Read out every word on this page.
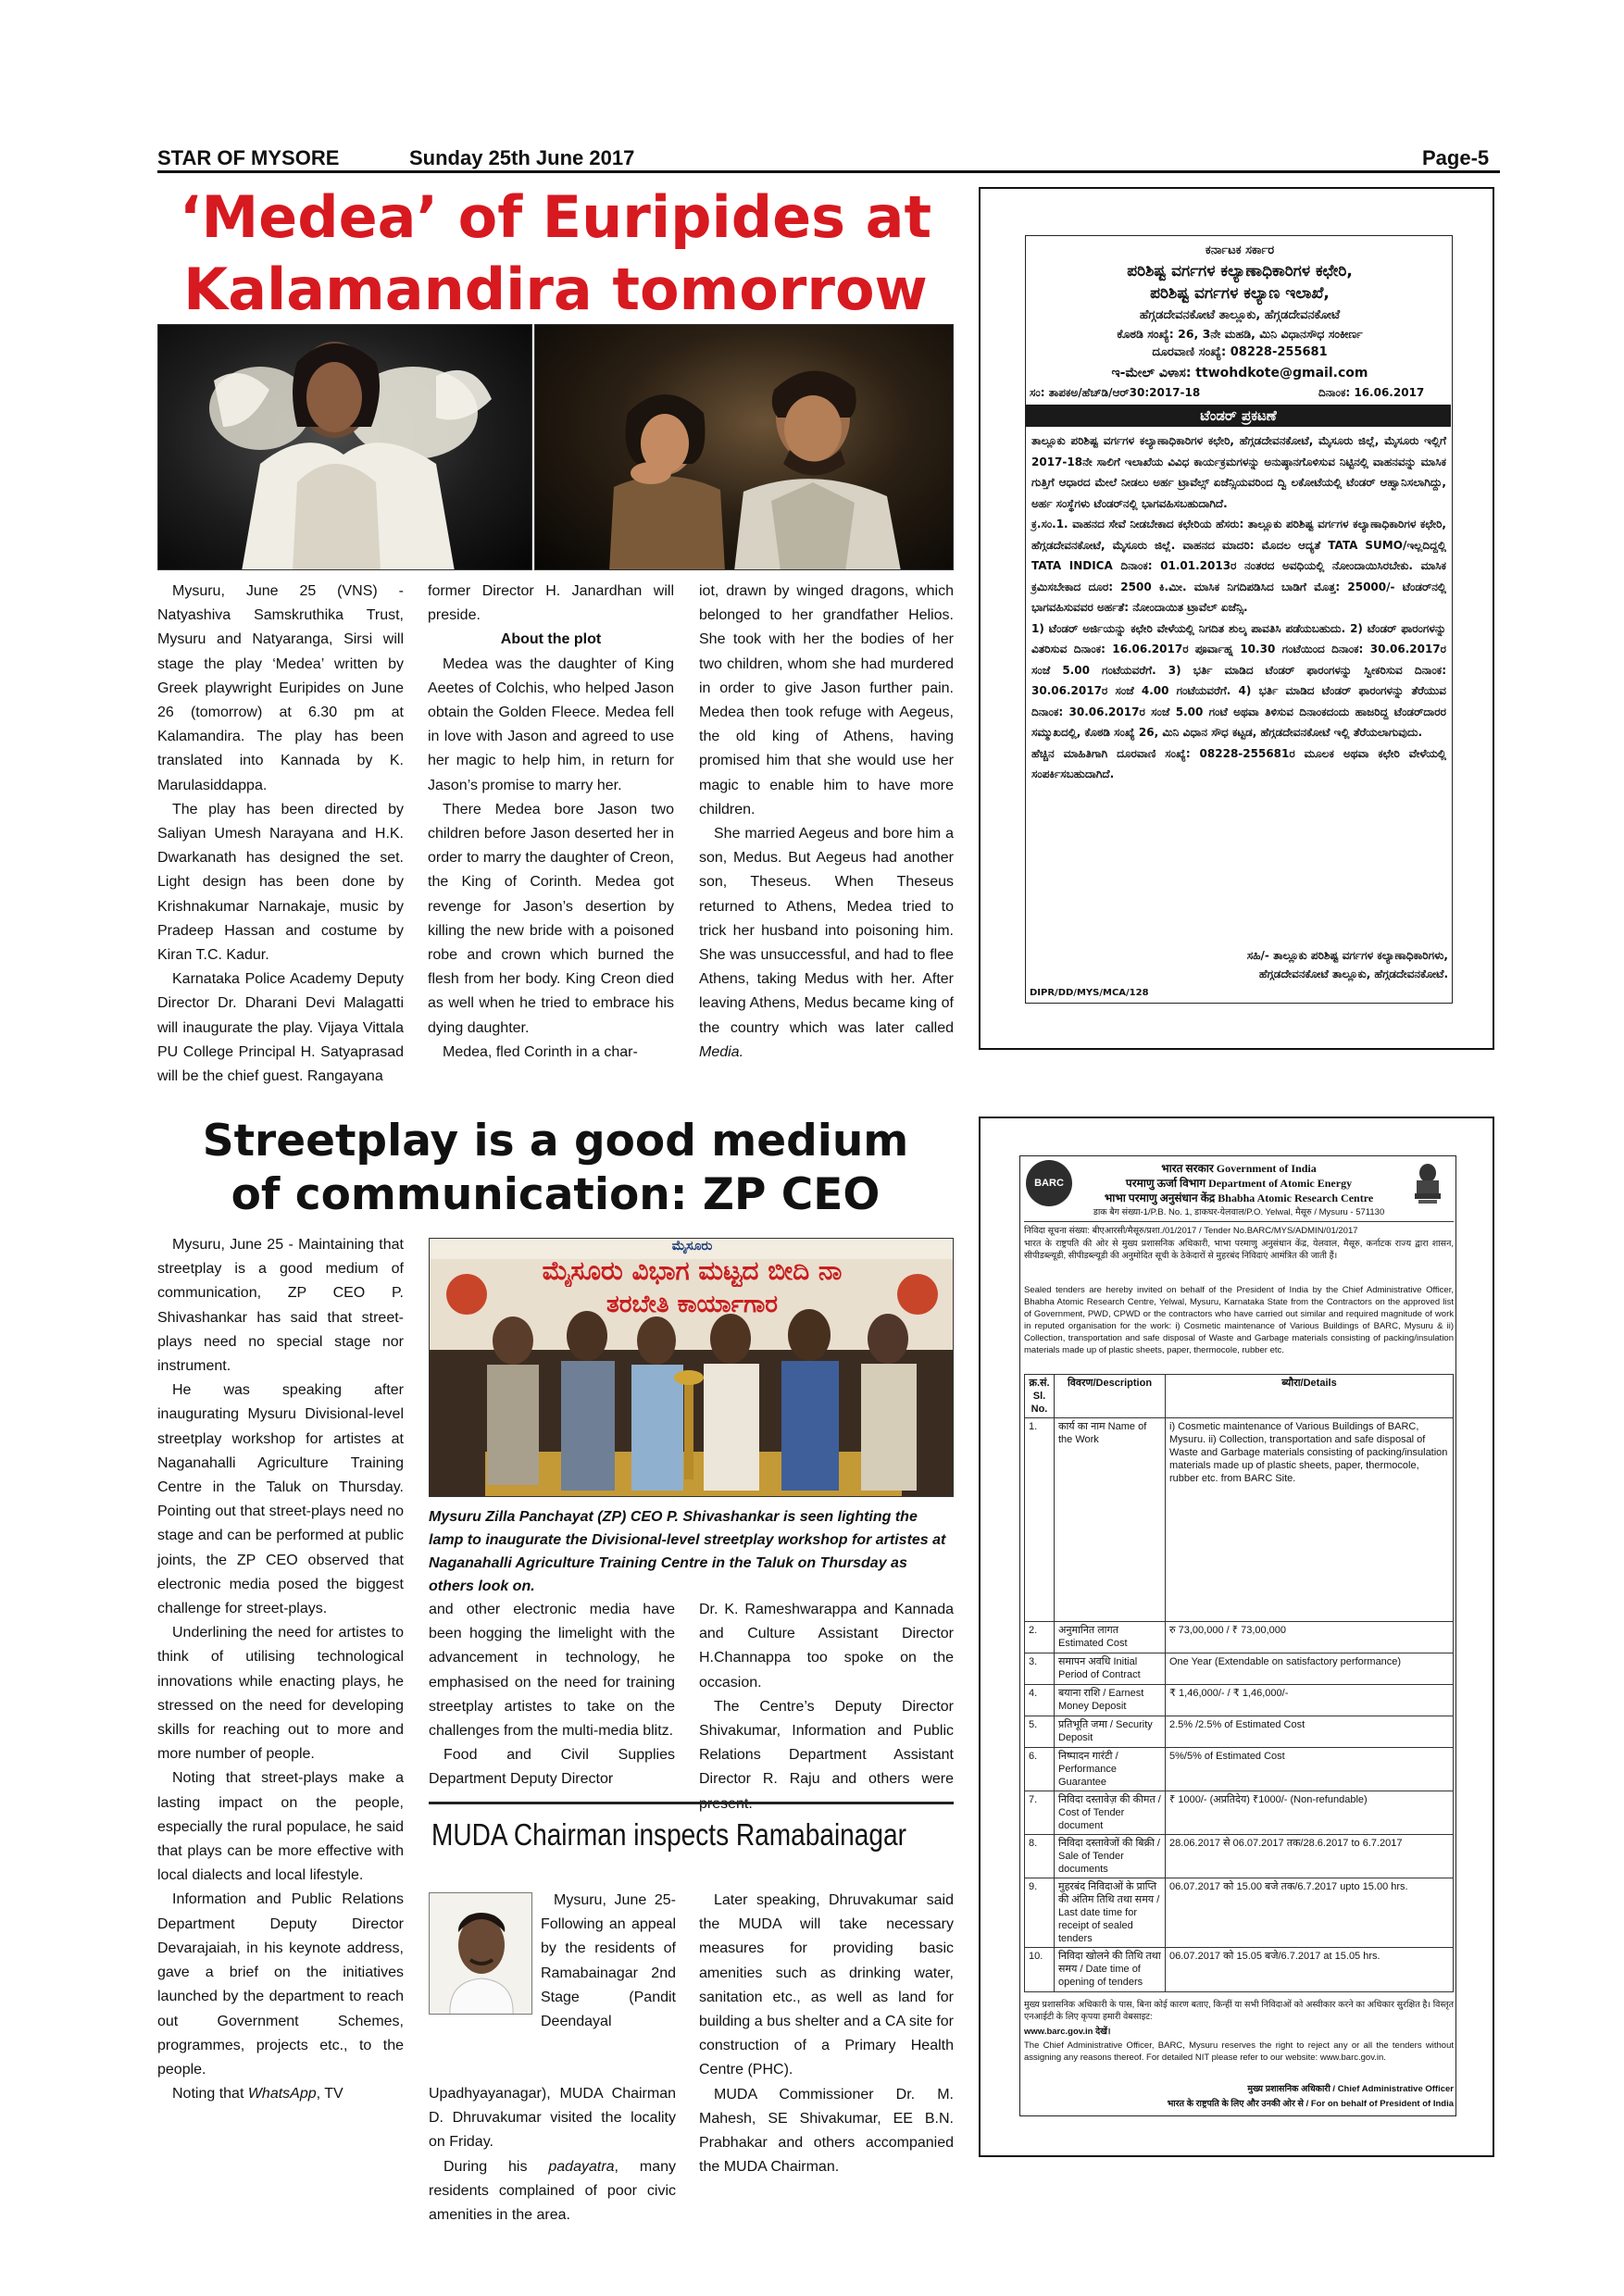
STAR OF MYSORE	Sunday 25th June 2017	Page-5
‘Medea’ of Euripides at
Kalamandira tomorrow

Mysuru, June 25 (VNS) - Natyashiva Samskruthika Trust, Mysuru and Natyaranga, Sirsi will stage the play ‘Medea’ written by Greek playwright Euripides on June 26 (tomorrow) at 6.30 pm at Kalamandira. The play has been translated into Kannada by K. Marulasiddappa.

The play has been directed by Saliyan Umesh Narayana and H.K. Dwarkanath has designed the set. Light design has been done by Krishnakumar Narnakaje, music by Pradeep Hassan and costume by Kiran T.C. Kadur.

Karnataka Police Academy Deputy Director Dr. Dharani Devi Malagatti will inaugurate the play. Vijaya Vittala PU College Principal H. Satyaprasad will be the chief guest. Rangayana

former Director H. Janardhan will preside.

About the plot

Medea was the daughter of King Aeetes of Colchis, who helped Jason obtain the Golden Fleece. Medea fell in love with Jason and agreed to use her magic to help him, in return for Jason’s promise to marry her.

There Medea bore Jason two children before Jason deserted her in order to marry the daughter of Creon, the King of Corinth. Medea got revenge for Jason’s desertion by killing the new bride with a poisoned robe and crown which burned the flesh from her body. King Creon died as well when he tried to embrace his dying daughter.

Medea, fled Corinth in a char-

iot, drawn by winged dragons, which belonged to her grandfather Helios. She took with her the bodies of her two children, whom she had murdered in order to give Jason further pain. Medea then took refuge with Aegeus, the old king of Athens, having promised him that she would use her magic to enable him to have more children.

She married Aegeus and bore him a son, Medus. But Aegeus had another son, Theseus. When Theseus returned to Athens, Medea tried to trick her husband into poisoning him. She was unsuccessful, and had to flee Athens, taking Medus with her. After leaving Athens, Medus became king of the country which was later called Media.

Streetplay is a good medium
of communication: ZP CEO

Mysuru, June 25 - Maintaining that streetplay is a good medium of communication, ZP CEO P. Shivashankar has said that street-plays need no special stage nor instrument.

He was speaking after inaugurating Mysuru Divisional-level streetplay workshop for artistes at Naganahalli Agriculture Training Centre in the Taluk on Thursday. Pointing out that street-plays need no stage and can be performed at public joints, the ZP CEO observed that electronic media posed the biggest challenge for street-plays.

Underlining the need for artistes to think of utilising technological innovations while enacting plays, he stressed on the need for developing skills for reaching out to more and more number of people.

Noting that street-plays make a lasting impact on the people, especially the rural populace, he said that plays can be more effective with local dialects and local lifestyle.

Information and Public Relations Department Deputy Director Devarajaiah, in his keynote address, gave a brief on the initiatives launched by the department to reach out Government Schemes, programmes, projects etc., to the people.

Noting that WhatsApp, TV

ಮೈಸೂರು
ಮೈಸೂರು ವಿಭಾಗ ಮಟ್ಟದ ಬೀದಿ ನಾ
ತರಬೇತಿ ಕಾರ್ಯಾಗಾರ
Mysuru Zilla Panchayat (ZP) CEO P. Shivashankar is seen lighting the lamp to inaugurate the Divisional-level streetplay workshop for artistes at Naganahalli Agriculture Training Centre in the Taluk on Thursday as others look on.

and other electronic media have been hogging the limelight with the advancement in technology, he emphasised on the need for training streetplay artistes to take on the challenges from the multi-media blitz.

Food and Civil Supplies Department Deputy Director

Dr. K. Rameshwarappa and Kannada and Culture Assistant Director H.Channappa too spoke on the occasion.

The Centre’s Deputy Director Shivakumar, Information and Public Relations Department Assistant Director R. Raju and others were

MUDA Chairman inspects Ramabainagar

Mysuru, June 25- Following an appeal by the residents of Ramabainagar 2nd Stage (Pandit Deendayal

Upadhyayanagar), MUDA Chairman D. Dhruvakumar visited the locality on Friday.

During his padayatra, many residents complained of poor civic amenities in the area.

Later speaking, Dhruvakumar said the MUDA will take necessary measures for providing basic amenities such as drinking water, sanitation etc., as well as land for building a bus shelter and a CA site for construction of a Primary Health Centre (PHC).

MUDA Commissioner Dr. M. Mahesh, SE Shivakumar, EE B.N. Prabhakar and others accompanied the MUDA Chairman.

ಕರ್ನಾಟಕ ಸರ್ಕಾರ
ಪರಿಶಿಷ್ಟ ವರ್ಗಗಳ ಕಲ್ಯಾಣಾಧಿಕಾರಿಗಳ ಕಛೇರಿ,
ಪರಿಶಿಷ್ಟ ವರ್ಗಗಳ ಕಲ್ಯಾಣ ಇಲಾಖೆ,
ಹೆಗ್ಗಡದೇವನಕೋಟೆ ತಾಲ್ಲೂಕು, ಹೆಗ್ಗಡದೇವನಕೋಟೆ
ಕೊಠಡಿ ಸಂಖ್ಯೆ: 26, 3ನೇ ಮಹಡಿ, ಮಿನಿ ವಿಧಾನಸೌಧ ಸಂಕೀರ್ಣ
ದೂರವಾಣಿ ಸಂಖ್ಯೆ: 08228-255681
ಇ-ಮೇಲ್ ವಿಳಾಸ: ttwohdkote@gmail.com
ಸಂ: ತಾಪಕಅ/ಹೆಚ್‌ಡಿ/ಆರ್‌30:2017-18	ದಿನಾಂಕ: 16.06.2017
ಟೆಂಡರ್ ಪ್ರಕಟಣೆ

ತಾಲ್ಲೂಕು ಪರಿಶಿಷ್ಟ ವರ್ಗಗಳ ಕಲ್ಯಾಣಾಧಿಕಾರಿಗಳ ಕಛೇರಿ, ಹೆಗ್ಗಡದೇವನಕೋಟೆ, ಮೈಸೂರು ಜಿಲ್ಲೆ, ಮೈಸೂರು ಇಲ್ಲಿಗೆ 2017-18ನೇ ಸಾಲಿಗೆ ಇಲಾಖೆಯ ವಿವಿಧ ಕಾರ್ಯಕ್ರಮಗಳನ್ನು ಅನುಷ್ಠಾನಗೊಳಿಸುವ ನಿಟ್ಟಿನಲ್ಲಿ ವಾಹನವನ್ನು ಮಾಸಿಕ ಗುತ್ತಿಗೆ ಆಧಾರದ ಮೇಲೆ ನೀಡಲು ಅರ್ಹ ಟ್ರಾವೆಲ್ಸ್ ಏಜೆನ್ಸಿಯವರಿಂದ ದ್ವಿ ಲಕೋಟೆಯಲ್ಲಿ ಟೆಂಡರ್ ಆಹ್ವಾನಿಸಲಾಗಿದ್ದು, ಅರ್ಹ ಸಂಸ್ಥೆಗಳು ಟೆಂಡರ್‌ನಲ್ಲಿ ಭಾಗವಹಿಸಬಹುದಾಗಿದೆ.

ಕ್ರ.ಸಂ.1. ವಾಹನದ ಸೇವೆ ನೀಡಬೇಕಾದ ಕಛೇರಿಯ ಹೆಸರು: ತಾಲ್ಲೂಕು ಪರಿಶಿಷ್ಟ ವರ್ಗಗಳ ಕಲ್ಯಾಣಾಧಿಕಾರಿಗಳ ಕಛೇರಿ, ಹೆಗ್ಗಡದೇವನಕೋಟೆ, ಮೈಸೂರು ಜಿಲ್ಲೆ. ವಾಹನದ ಮಾದರಿ: ಮೊದಲ ಆದ್ಯತೆ TATA SUMO/ಇಲ್ಲದಿದ್ದಲ್ಲಿ TATA INDICA ದಿನಾಂಕ: 01.01.2013ರ ನಂತರದ ಅವಧಿಯಲ್ಲಿ ನೋಂದಾಯಿಸಿರಬೇಕು. ಮಾಸಿಕ ಕ್ರಮಿಸಬೇಕಾದ ದೂರ: 2500 ಕಿ.ಮೀ. ಮಾಸಿಕ ನಿಗದಿಪಡಿಸಿದ ಬಾಡಿಗೆ ಮೊತ್ತ: 25000/- ಟೆಂಡರ್‌ನಲ್ಲಿ ಭಾಗವಹಿಸುವವರ ಅರ್ಹತೆ: ನೋಂದಾಯಿತ ಟ್ರಾವೆಲ್ ಏಜೆನ್ಸಿ.

1) ಟೆಂಡರ್ ಅರ್ಜಿಯನ್ನು ಕಛೇರಿ ವೇಳೆಯಲ್ಲಿ ನಿಗದಿತ ಶುಲ್ಕ ಪಾವತಿಸಿ ಪಡೆಯಬಹುದು. 2) ಟೆಂಡರ್ ಫಾರಂಗಳನ್ನು ವಿತರಿಸುವ ದಿನಾಂಕ: 16.06.2017ರ ಪೂರ್ವಾಹ್ನ 10.30 ಗಂಟೆಯಿಂದ ದಿನಾಂಕ: 30.06.2017ರ ಸಂಜೆ 5.00 ಗಂಟೆಯವರೆಗೆ. 3) ಭರ್ತಿ ಮಾಡಿದ ಟೆಂಡರ್ ಫಾರಂಗಳನ್ನು ಸ್ವೀಕರಿಸುವ ದಿನಾಂಕ: 30.06.2017ರ ಸಂಜೆ 4.00 ಗಂಟೆಯವರೆಗೆ. 4) ಭರ್ತಿ ಮಾಡಿದ ಟೆಂಡರ್ ಫಾರಂಗಳನ್ನು ತೆರೆಯುವ ದಿನಾಂಕ: 30.06.2017ರ ಸಂಜೆ 5.00 ಗಂಟೆ ಅಥವಾ ತಿಳಿಸುವ ದಿನಾಂಕದಂದು ಹಾಜರಿದ್ದ ಟೆಂಡರ್‌ದಾರರ ಸಮ್ಮುಖದಲ್ಲಿ, ಕೊಠಡಿ ಸಂಖ್ಯೆ 26, ಮಿನಿ ವಿಧಾನ ಸೌಧ ಕಟ್ಟಡ, ಹೆಗ್ಗಡದೇವನಕೋಟೆ ಇಲ್ಲಿ ತೆರೆಯಲಾಗುವುದು.

ಹೆಚ್ಚಿನ ಮಾಹಿತಿಗಾಗಿ ದೂರವಾಣಿ ಸಂಖ್ಯೆ: 08228-255681ರ ಮೂಲಕ ಅಥವಾ ಕಛೇರಿ ವೇಳೆಯಲ್ಲಿ ಸಂಪರ್ಕಿಸಬಹುದಾಗಿದೆ.

ಸಹಿ/- ತಾಲ್ಲೂಕು ಪರಿಶಿಷ್ಟ ವರ್ಗಗಳ ಕಲ್ಯಾಣಾಧಿಕಾರಿಗಳು,
ಹೆಗ್ಗಡದೇವನಕೋಟೆ ತಾಲ್ಲೂಕು, ಹೆಗ್ಗಡದೇವನಕೋಟೆ.
DIPR/DD/MYS/MCA/128
BARC
भारत सरकार Government of India
परमाणु ऊर्जा विभाग Department of Atomic Energy
भाभा परमाणु अनुसंधान केंद्र Bhabha Atomic Research Centre
डाक बैग संख्या-1/P.B. No. 1, डाकघर-येलवाल/P.O. Yelwal, मैसूरु / Mysuru - 571130
निविदा सूचना संख्या: बीएआरसी/मैसूरु/प्रशा./01/2017 / Tender No.BARC/MYS/ADMIN/01/2017
भारत के राष्ट्रपति की ओर से मुख्य प्रशासनिक अधिकारी, भाभा परमाणु अनुसंधान केंद्र, येलवाल, मैसूरु, कर्नाटक राज्य द्वारा शासन, सीपीडब्ल्यूडी, सीपीडब्ल्यूडी की अनुमोदित सूची के ठेकेदारों से मुहरबंद निविदाएं आमंत्रित की जाती हैं।
Sealed tenders are hereby invited on behalf of the President of India by the Chief Administrative Officer, Bhabha Atomic Research Centre, Yelwal, Mysuru, Karnataka State from the Contractors on the approved list of Government, PWD, CPWD or the contractors who have carried out similar and required magnitude of work in reputed organisation for the work: i) Cosmetic maintenance of Various Buildings of BARC, Mysuru & ii) Collection, transportation and safe disposal of Waste and Garbage materials consisting of packing/insulation materials made up of plastic sheets, paper, thermocole, rubber etc.
क्र.सं. Sl. No.	विवरण/Description	ब्यौरा/Details
1.	कार्य का नाम Name of the Work	i) Cosmetic maintenance of Various Buildings of BARC, Mysuru. ii) Collection, transportation and safe disposal of Waste and Garbage materials consisting of packing/insulation materials made up of plastic sheets, paper, thermocole, rubber etc. from BARC Site.
2.	अनुमानित लागत Estimated Cost	रु 73,00,000 / ₹ 73,00,000
3.	समापन अवधि Initial Period of Contract	One Year (Extendable on satisfactory performance)
4.	बयाना राशि / Earnest Money Deposit	₹ 1,46,000/- / ₹ 1,46,000/-
5.	प्रतिभूति जमा / Security Deposit	2.5% /2.5% of Estimated Cost
6.	निष्पादन गारंटी / Performance Guarantee	5%/5% of Estimated Cost
7.	निविदा दस्तावेज़ की कीमत / Cost of Tender document	₹ 1000/- (अप्रतिदेय) ₹1000/- (Non-refundable)
8.	निविदा दस्तावेजों की बिक्री / Sale of Tender documents	28.06.2017 से 06.07.2017 तक/28.6.2017 to 6.7.2017
9.	मुहरबंद निविदाओं के प्राप्ति की अंतिम तिथि तथा समय / Last date time for receipt of sealed tenders	06.07.2017 को 15.00 बजे तक/6.7.2017 upto 15.00 hrs.
10.	निविदा खोलने की तिथि तथा समय / Date time of opening of tenders	06.07.2017 को 15.05 बजे/6.7.2017 at 15.05 hrs.
मुख्य प्रशासनिक अधिकारी के पास, बिना कोई कारण बताए, किन्हीं या सभी निविदाओं को अस्वीकार करने का अधिकार सुरक्षित है। विस्तृत एनआईटी के लिए कृपया हमारी वेबसाइट:
www.barc.gov.in देखें।
The Chief Administrative Officer, BARC, Mysuru reserves the right to reject any or all the tenders without assigning any reasons thereof. For detailed NIT please refer to our website: www.barc.gov.in.
मुख्य प्रशासनिक अधिकारी / Chief Administrative Officer
भारत के राष्ट्रपति के लिए और उनकी ओर से / For on behalf of President of India
